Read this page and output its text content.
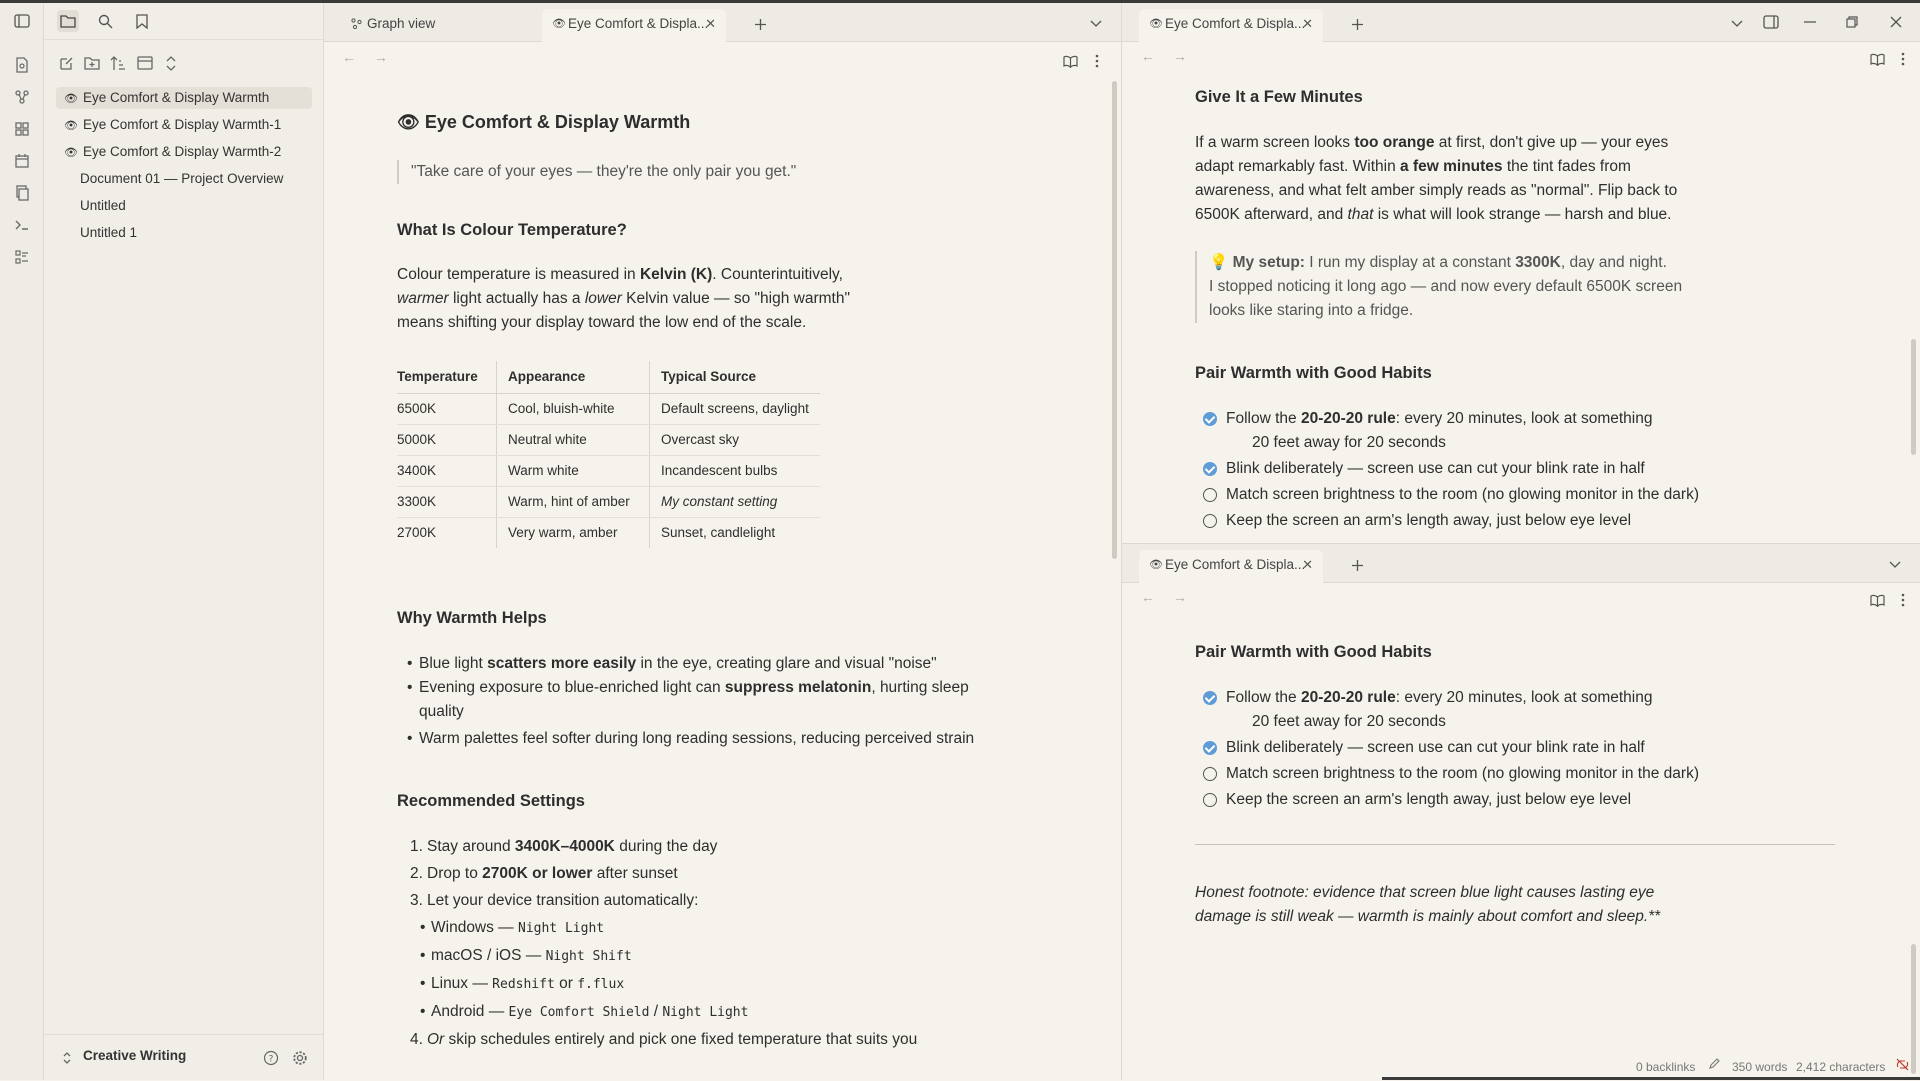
👁 Eye Comfort & Display Warmth
👁 Eye Comfort & Display Warmth-1
👁 Eye Comfort & Display Warmth-2
Document 01 — Project Overview
Untitled
Untitled 1
Creative Writing	?
Graph view	👁 Eye Comfort & Displa...
✕
← →
👁 Eye Comfort & Display Warmth
"Take care of your eyes — they're the only pair you get."
What Is Colour Temperature?
Colour temperature is measured in Kelvin (K). Counterintuitively,
warmer light actually has a lower Kelvin value — so "high warmth"
means shifting your display toward the low end of the scale.
Temperature	Appearance	Typical Source
6500K	Cool, bluish-white	Default screens, daylight
5000K	Neutral white	Overcast sky
3400K	Warm white	Incandescent bulbs
3300K	Warm, hint of amber	My constant setting
2700K	Very warm, amber	Sunset, candlelight
Why Warmth Helps
• Blue light scatters more easily in the eye, creating glare and visual "noise"
• Evening exposure to blue-enriched light can suppress melatonin, hurting sleep
quality
• Warm palettes feel softer during long reading sessions, reducing perceived strain
Recommended Settings
1. Stay around 3400K–4000K during the day
2. Drop to 2700K or lower after sunset
3. Let your device transition automatically:
• Windows — Night Light
• macOS / iOS — Night Shift
• Linux — Redshift or f.flux
• Android — Eye Comfort Shield / Night Light
4. Or skip schedules entirely and pick one fixed temperature that suits you
👁 Eye Comfort & Displa...
✕
← →
Give It a Few Minutes
If a warm screen looks too orange at first, don't give up — your eyes
adapt remarkably fast. Within a few minutes the tint fades from
awareness, and what felt amber simply reads as "normal". Flip back to
6500K afterward, and that is what will look strange — harsh and blue.
💡 My setup: I run my display at a constant 3300K, day and night.
I stopped noticing it long ago — and now every default 6500K screen
looks like staring into a fridge.
Pair Warmth with Good Habits
Follow the 20-20-20 rule: every 20 minutes, look at something
20 feet away for 20 seconds
Blink deliberately — screen use can cut your blink rate in half
Match screen brightness to the room (no glowing monitor in the dark)
Keep the screen an arm's length away, just below eye level
👁 Eye Comfort & Displa...
✕
← →
Pair Warmth with Good Habits
Follow the 20-20-20 rule: every 20 minutes, look at something
20 feet away for 20 seconds
Blink deliberately — screen use can cut your blink rate in half
Match screen brightness to the room (no glowing monitor in the dark)
Keep the screen an arm's length away, just below eye level
Honest footnote: evidence that screen blue light causes lasting eye
damage is still weak — warmth is mainly about comfort and sleep.**
0 backlinks	350 words 2,412 characters
